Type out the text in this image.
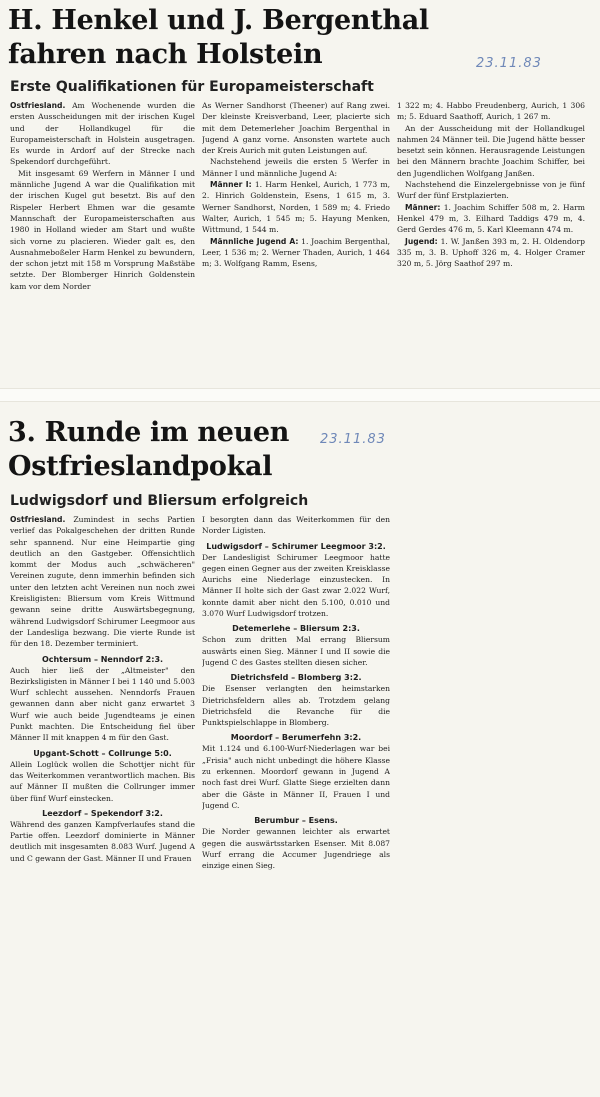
H. Henkel und J. Bergenthal
fahren nach Holstein	23.11.83
Erste Qualifikationen für Europameisterschaft

Ostfriesland. Am Wochenende wurden die ersten Ausscheidungen mit der irischen Kugel und der Hollandkugel für die Europameisterschaft in Holstein ausgetragen. Es wurde in Ardorf auf der Strecke nach Spekendorf durchgeführt.

Mit insgesamt 69 Werfern in Männer I und männliche Jugend A war die Qualifikation mit der irischen Kugel gut besetzt. Bis auf den Rispeler Herbert Ehmen war die gesamte Mannschaft der Europameisterschaften aus 1980 in Holland wieder am Start und wußte sich vorne zu placieren. Wieder galt es, den Ausnahmeboßeler Harm Henkel zu bewundern, der schon jetzt mit 158 m Vorsprung Maßstäbe setzte. Der Blomberger Hinrich Goldenstein kam vor dem Norder

As Werner Sandhorst (Theener) auf Rang zwei. Der kleinste Kreisverband, Leer, placierte sich mit dem Detemerleher Joachim Bergenthal in Jugend A ganz vorne. Ansonsten wartete auch der Kreis Aurich mit guten Leistungen auf.

Nachstehend jeweils die ersten 5 Werfer in Männer I und männliche Jugend A:

Männer I: 1. Harm Henkel, Aurich, 1 773 m, 2. Hinrich Goldenstein, Esens, 1 615 m, 3. Werner Sandhorst, Norden, 1 589 m; 4. Friedo Walter, Aurich, 1 545 m; 5. Hayung Menken, Wittmund, 1 544 m.

Männliche Jugend A: 1. Joachim Bergenthal, Leer, 1 536 m; 2. Werner Thaden, Aurich, 1 464 m; 3. Wolfgang Ramm, Esens,

1 322 m; 4. Habbo Freudenberg, Aurich, 1 306 m; 5. Eduard Saathoff, Aurich, 1 267 m.

An der Ausscheidung mit der Hollandkugel nahmen 24 Männer teil. Die Jugend hätte besser besetzt sein können. Herausragende Leistungen bei den Männern brachte Joachim Schiffer, bei den Jugendlichen Wolfgang Janßen.

Nachstehend die Einzelergebnisse von je fünf Wurf der fünf Erstplazierten.

Männer: 1. Joachim Schiffer 508 m, 2. Harm Henkel 479 m, 3. Eilhard Taddigs 479 m, 4. Gerd Gerdes 476 m, 5. Karl Kleemann 474 m.

Jugend: 1. W. Janßen 393 m, 2. H. Oldendorp 335 m, 3. B. Uphoff 326 m, 4. Holger Cramer 320 m, 5. Jörg Saathof 297 m.

3. Runde im neuen
Ostfrieslandpokal
23.11.83
Ludwigsdorf und Bliersum erfolgreich

Ostfriesland. Zumindest in sechs Partien verlief das Pokalgeschehen der dritten Runde sehr spannend. Nur eine Heimpartie ging deutlich an den Gastgeber. Offensichtlich kommt der Modus auch „schwächeren" Vereinen zugute, denn immerhin befinden sich unter den letzten acht Vereinen nun noch zwei Kreisligisten: Bliersum vom Kreis Wittmund gewann seine dritte Auswärtsbegegnung, während Ludwigsdorf Schirumer Leegmoor aus der Landesliga bezwang. Die vierte Runde ist für den 18. Dezember terminiert.

Ochtersum – Nenndorf 2:3.

Auch hier ließ der „Altmeister" den Bezirksligisten in Männer I bei 1 140 und 5.003 Wurf schlecht aussehen. Nenndorfs Frauen gewannen dann aber nicht ganz erwartet 3 Wurf wie auch beide Jugendteams je einen Punkt machten. Die Entscheidung fiel über Männer II mit knappen 4 m für den Gast.

Upgant-Schott – Collrunge 5:0.

Allein Loglück wollen die Schottjer nicht für das Weiterkommen verantwortlich machen. Bis auf Männer II mußten die Collrunger immer über fünf Wurf einstecken.

Leezdorf – Spekendorf 3:2.

Während des ganzen Kampfverlaufes stand die Partie offen. Leezdorf dominierte in Männer deutlich mit insgesamten 8.083 Wurf. Jugend A und C gewann der Gast. Männer II und Frauen

I besorgten dann das Weiterkommen für den Norder Ligisten.

Ludwigsdorf – Schirumer Leegmoor 3:2.

Der Landesligist Schirumer Leegmoor hatte gegen einen Gegner aus der zweiten Kreisklasse Aurichs eine Niederlage einzustecken. In Männer II holte sich der Gast zwar 2.022 Wurf, konnte damit aber nicht den 5.100, 0.010 und 3.070 Wurf Ludwigsdorf trotzen.

Detemerlehe – Bliersum 2:3.

Schon zum dritten Mal errang Bliersum auswärts einen Sieg. Männer I und II sowie die Jugend C des Gastes stellten diesen sicher.

Dietrichsfeld – Blomberg 3:2.

Die Esenser verlangten den heimstarken Dietrichsfeldern alles ab. Trotzdem gelang Dietrichsfeld die Revanche für die Punktspielschlappe in Blomberg.

Moordorf – Berumerfehn 3:2.

Mit 1.124 und 6.100-Wurf-Niederlagen war bei „Frisia" auch nicht unbedingt die höhere Klasse zu erkennen. Moordorf gewann in Jugend A noch fast drei Wurf. Glatte Siege erzielten dann aber die Gäste in Männer II, Frauen I und Jugend C.

Berumbur – Esens.

Die Norder gewannen leichter als erwartet gegen die auswärtsstarken Esenser. Mit 8.087 Wurf errang die Accumer Jugendriege als einzige einen Sieg.
